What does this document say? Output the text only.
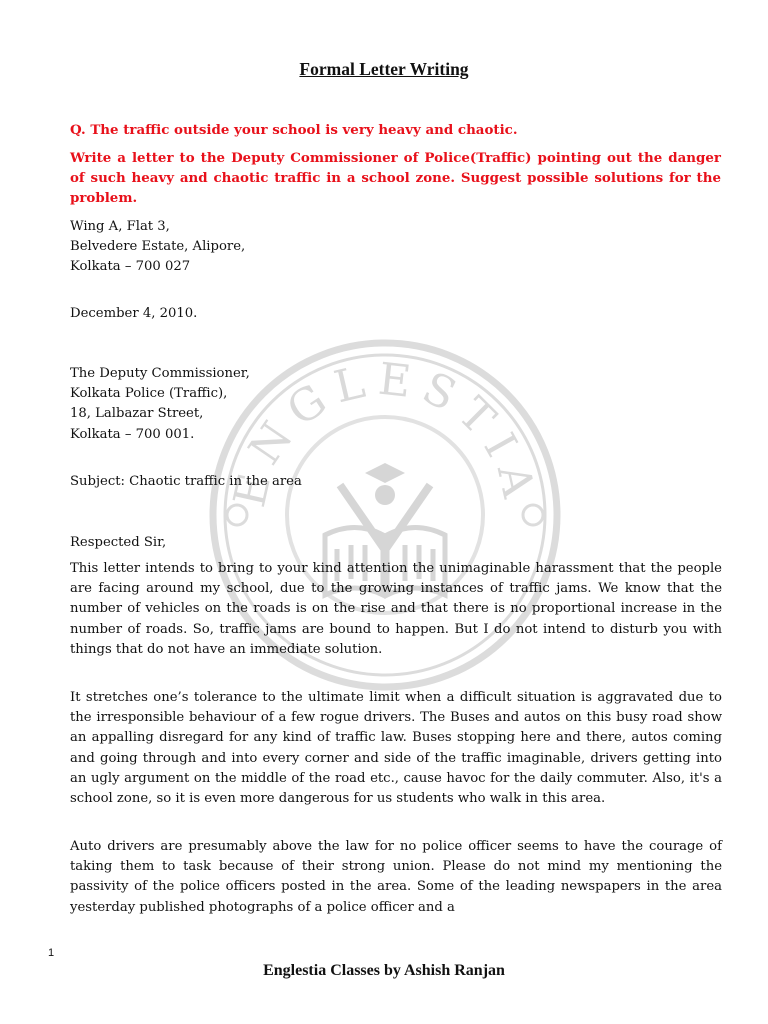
ENGLESTIA
Formal Letter Writing

Q. The traffic outside your school is very heavy and chaotic.

Write a letter to the Deputy Commissioner of Police(Traffic) pointing out the danger of such heavy and chaotic traffic in a school zone. Suggest possible solutions for the problem.

Wing A, Flat 3,
Belvedere Estate, Alipore,
Kolkata – 700 027
December 4, 2010.
The Deputy Commissioner,
Kolkata Police (Traffic),
18, Lalbazar Street,
Kolkata – 700 001.
Subject: Chaotic traffic in the area
Respected Sir,

This letter intends to bring to your kind attention the unimaginable harassment that the people are facing around my school, due to the growing instances of traffic jams. We know that the number of vehicles on the roads is on the rise and that there is no proportional increase in the number of roads. So, traffic jams are bound to happen. But I do not intend to disturb you with things that do not have an immediate solution.

It stretches one’s tolerance to the ultimate limit when a difficult situation is aggravated due to the irresponsible behaviour of a few rogue drivers. The Buses and autos on this busy road show an appalling disregard for any kind of traffic law. Buses stopping here and there, autos coming and going through and into every corner and side of the traffic imaginable, drivers getting into an ugly argument on the middle of the road etc., cause havoc for the daily commuter. Also, it's a school zone, so it is even more dangerous for us students who walk in this area.

Auto drivers are presumably above the law for no police officer seems to have the courage of taking them to task because of their strong union. Please do not mind my mentioning the passivity of the police officers posted in the area. Some of the leading newspapers in the area yesterday published photographs of a police officer and a

1
Englestia Classes by Ashish Ranjan
